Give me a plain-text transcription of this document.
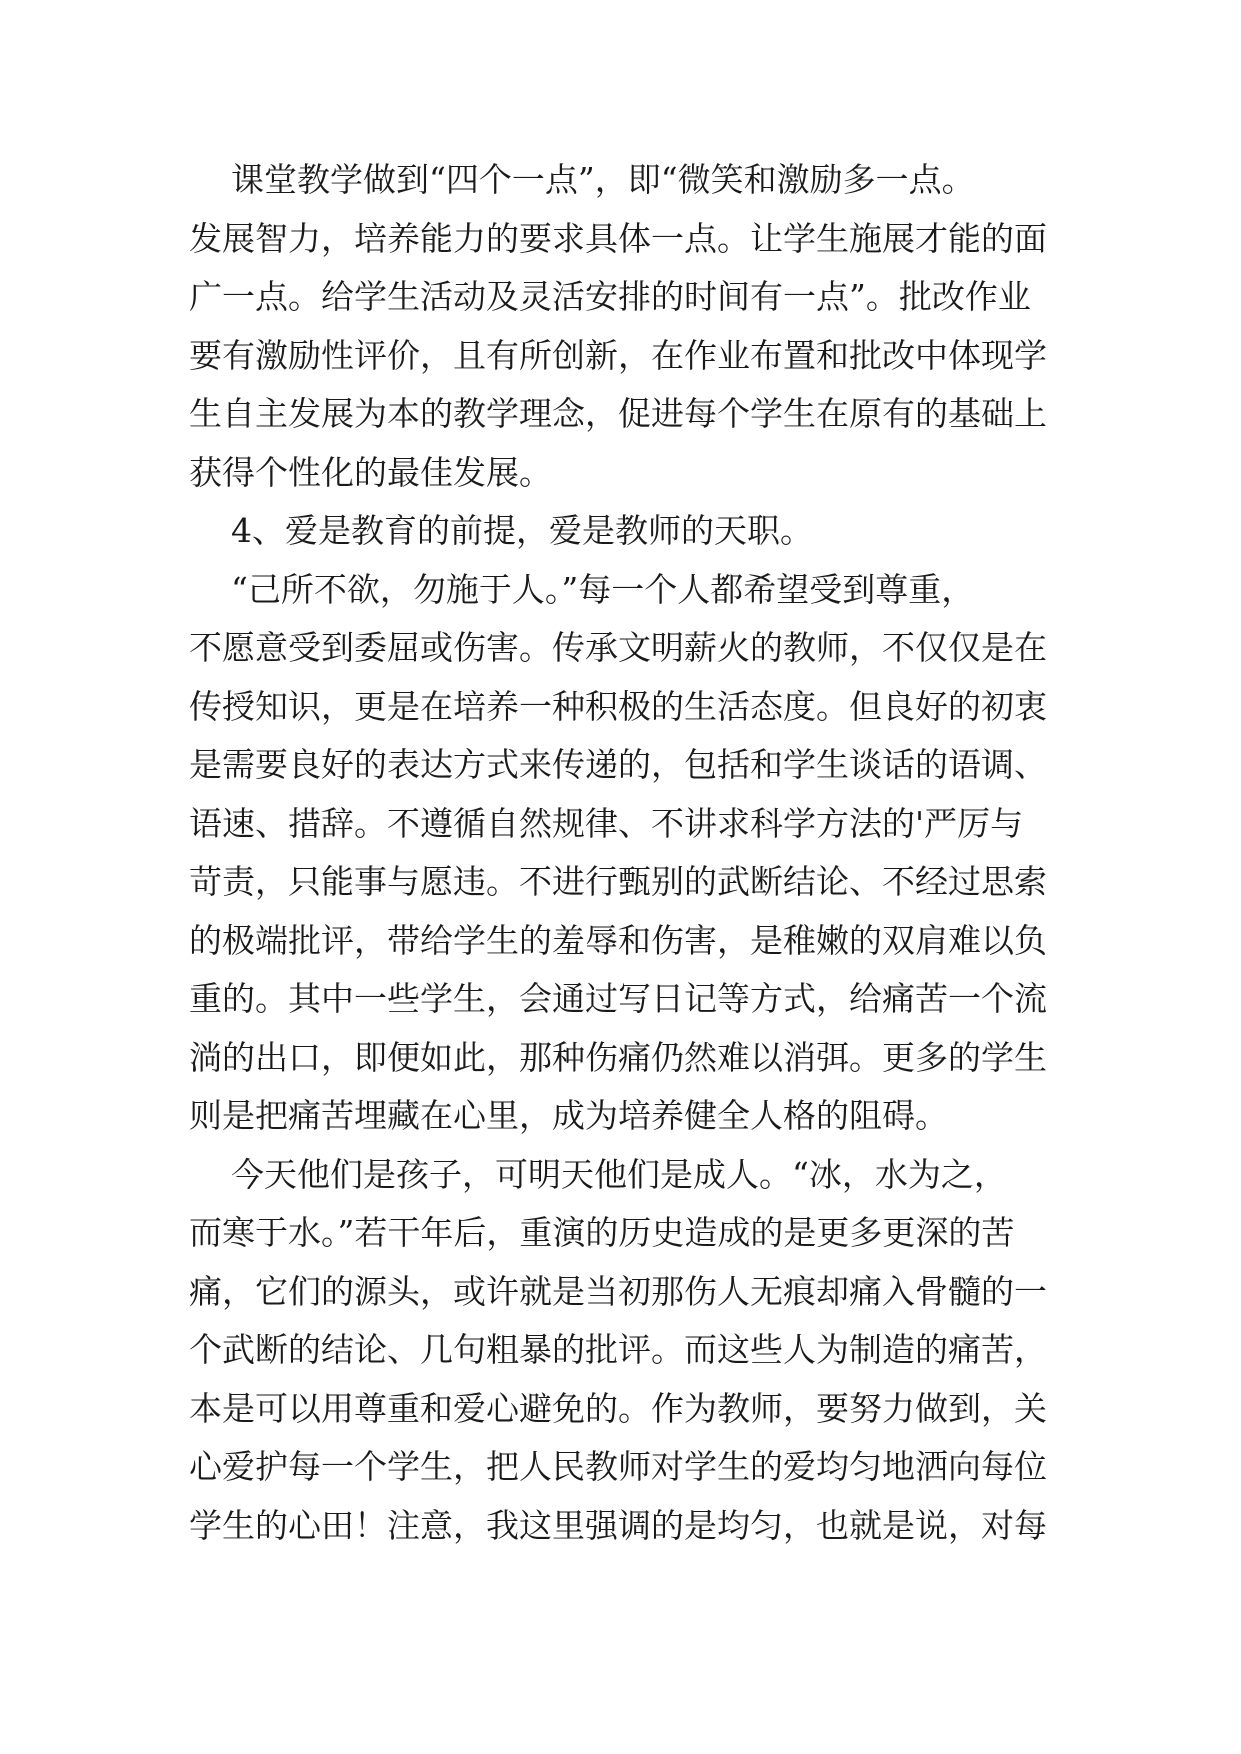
课堂教学做到“四个一点”，即“微笑和激励多一点。
发展智力，培养能力的要求具体一点。让学生施展才能的面
广一点。给学生活动及灵活安排的时间有一点”。批改作业
要有激励性评价，且有所创新，在作业布置和批改中体现学
生自主发展为本的教学理念，促进每个学生在原有的基础上
获得个性化的最佳发展。
4、爱是教育的前提，爱是教师的天职。
“己所不欲，勿施于人。”每一个人都希望受到尊重，
不愿意受到委屈或伤害。传承文明薪火的教师，不仅仅是在
传授知识，更是在培养一种积极的生活态度。但良好的初衷
是需要良好的表达方式来传递的，包括和学生谈话的语调、
语速、措辞。不遵循自然规律、不讲求科学方法的'严厉与
苛责，只能事与愿违。不进行甄别的武断结论、不经过思索
的极端批评，带给学生的羞辱和伤害，是稚嫩的双肩难以负
重的。其中一些学生，会通过写日记等方式，给痛苦一个流
淌的出口，即便如此，那种伤痛仍然难以消弭。更多的学生
则是把痛苦埋藏在心里，成为培养健全人格的阻碍。
今天他们是孩子，可明天他们是成人。“冰，水为之，
而寒于水。”若干年后，重演的历史造成的是更多更深的苦
痛，它们的源头，或许就是当初那伤人无痕却痛入骨髓的一
个武断的结论、几句粗暴的批评。而这些人为制造的痛苦，
本是可以用尊重和爱心避免的。作为教师，要努力做到，关
心爱护每一个学生，把人民教师对学生的爱均匀地洒向每位
学生的心田！注意，我这里强调的是均匀，也就是说，对每
